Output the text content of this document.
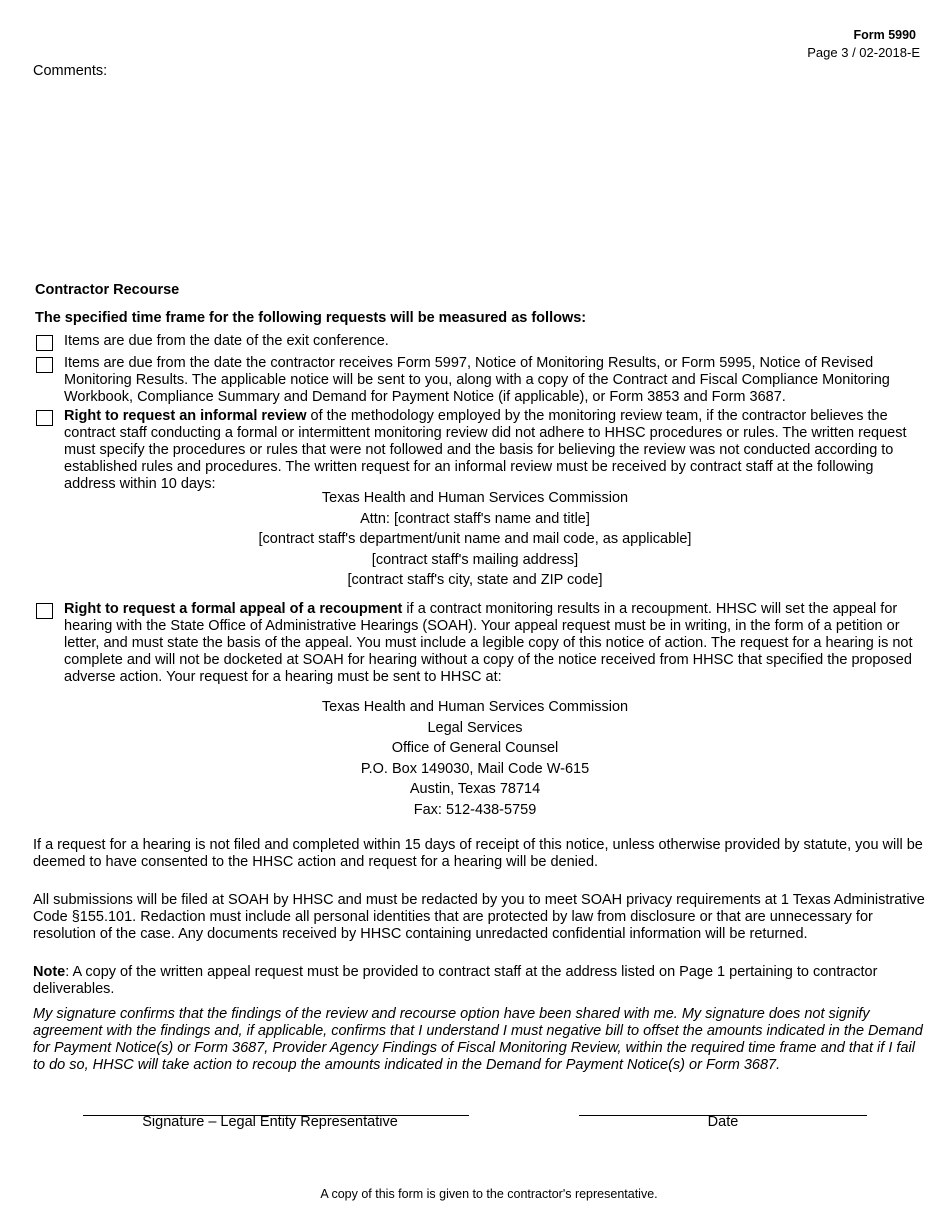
Form 5990
Page 3 / 02-2018-E
Comments:
Contractor Recourse
The specified time frame for the following requests will be measured as follows:
Items are due from the date of the exit conference.
Items are due from the date the contractor receives Form 5997, Notice of Monitoring Results, or Form 5995, Notice of Revised Monitoring Results. The applicable notice will be sent to you, along with a copy of the Contract and Fiscal Compliance Monitoring Workbook, Compliance Summary and Demand for Payment Notice (if applicable), or Form 3853 and Form 3687.
Right to request an informal review of the methodology employed by the monitoring review team, if the contractor believes the contract staff conducting a formal or intermittent monitoring review did not adhere to HHSC procedures or rules. The written request must specify the procedures or rules that were not followed and the basis for believing the review was not conducted according to established rules and procedures. The written request for an informal review must be received by contract staff at the following address within 10 days:
Texas Health and Human Services Commission
Attn: [contract staff's name and title]
[contract staff's department/unit name and mail code, as applicable]
[contract staff's mailing address]
[contract staff's city, state and ZIP code]
Right to request a formal appeal of a recoupment if a contract monitoring results in a recoupment. HHSC will set the appeal for hearing with the State Office of Administrative Hearings (SOAH). Your appeal request must be in writing, in the form of a petition or letter, and must state the basis of the appeal. You must include a legible copy of this notice of action. The request for a hearing is not complete and will not be docketed at SOAH for hearing without a copy of the notice received from HHSC that specified the proposed adverse action. Your request for a hearing must be sent to HHSC at:
Texas Health and Human Services Commission
Legal Services
Office of General Counsel
P.O. Box 149030, Mail Code W-615
Austin, Texas 78714
Fax: 512-438-5759
If a request for a hearing is not filed and completed within 15 days of receipt of this notice, unless otherwise provided by statute, you will be deemed to have consented to the HHSC action and request for a hearing will be denied.
All submissions will be filed at SOAH by HHSC and must be redacted by you to meet SOAH privacy requirements at 1 Texas Administrative Code §155.101. Redaction must include all personal identities that are protected by law from disclosure or that are unnecessary for resolution of the case. Any documents received by HHSC containing unredacted confidential information will be returned.
Note: A copy of the written appeal request must be provided to contract staff at the address listed on Page 1 pertaining to contractor deliverables.
My signature confirms that the findings of the review and recourse option have been shared with me. My signature does not signify agreement with the findings and, if applicable, confirms that I understand I must negative bill to offset the amounts indicated in the Demand for Payment Notice(s) or Form 3687, Provider Agency Findings of Fiscal Monitoring Review, within the required time frame and that if I fail to do so, HHSC will take action to recoup the amounts indicated in the Demand for Payment Notice(s) or Form 3687.
Signature – Legal Entity Representative	Date
A copy of this form is given to the contractor's representative.
